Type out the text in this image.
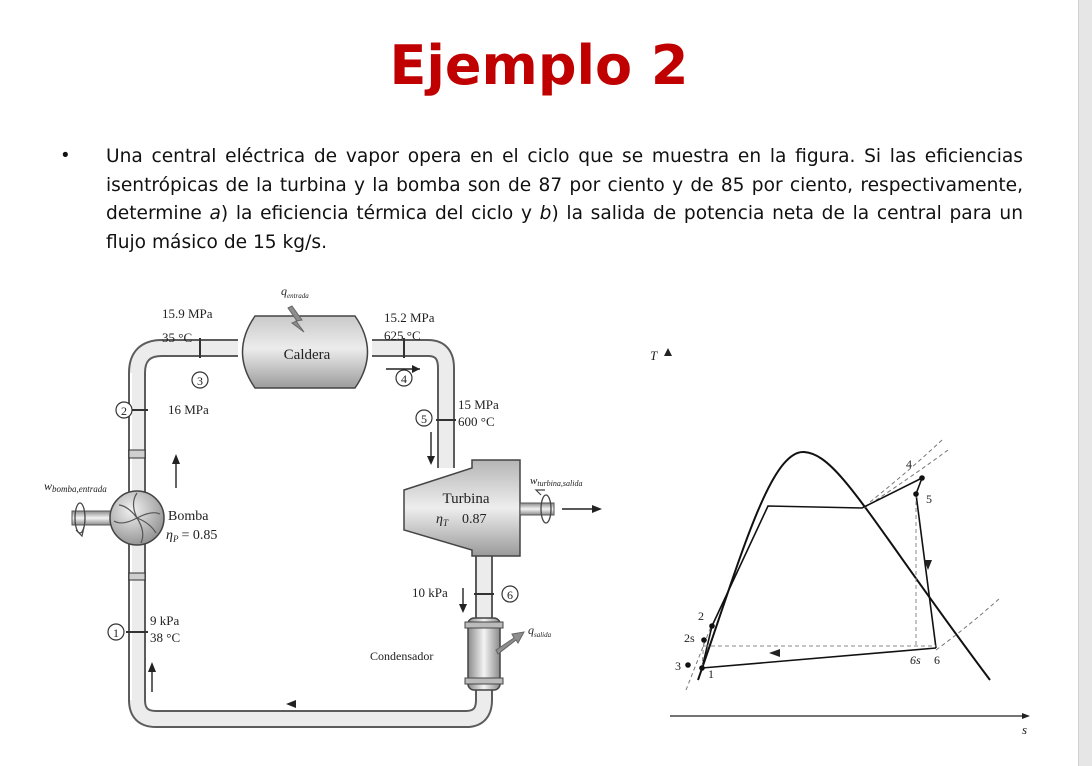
Ejemplo 2
• Una central eléctrica de vapor opera en el ciclo que se muestra en la figura. Si las eficiencias isentrópicas de la turbina y la bomba son de 87 por ciento y de 85 por ciento, respectivamente, determine a) la eficiencia térmica del ciclo y b) la salida de potencia neta de la central para un flujo másico de 15 kg/s.
Caldera
$q_{entrada}$
15.9 MPa
35 °C
15.2 MPa
625 °C
3	4
2	16 MPa
5
15 MPa
600 °C
wbomba,entrada
Bomba
$\eta_P = 0.85$
Turbina
$\eta_T$ 0.87
wturbina,salida
10 kPa	6
$q_{salida}$
Condensador
1
9 kPa
38 °C
s
T
1
2
2s
3
4
5
6s 6
